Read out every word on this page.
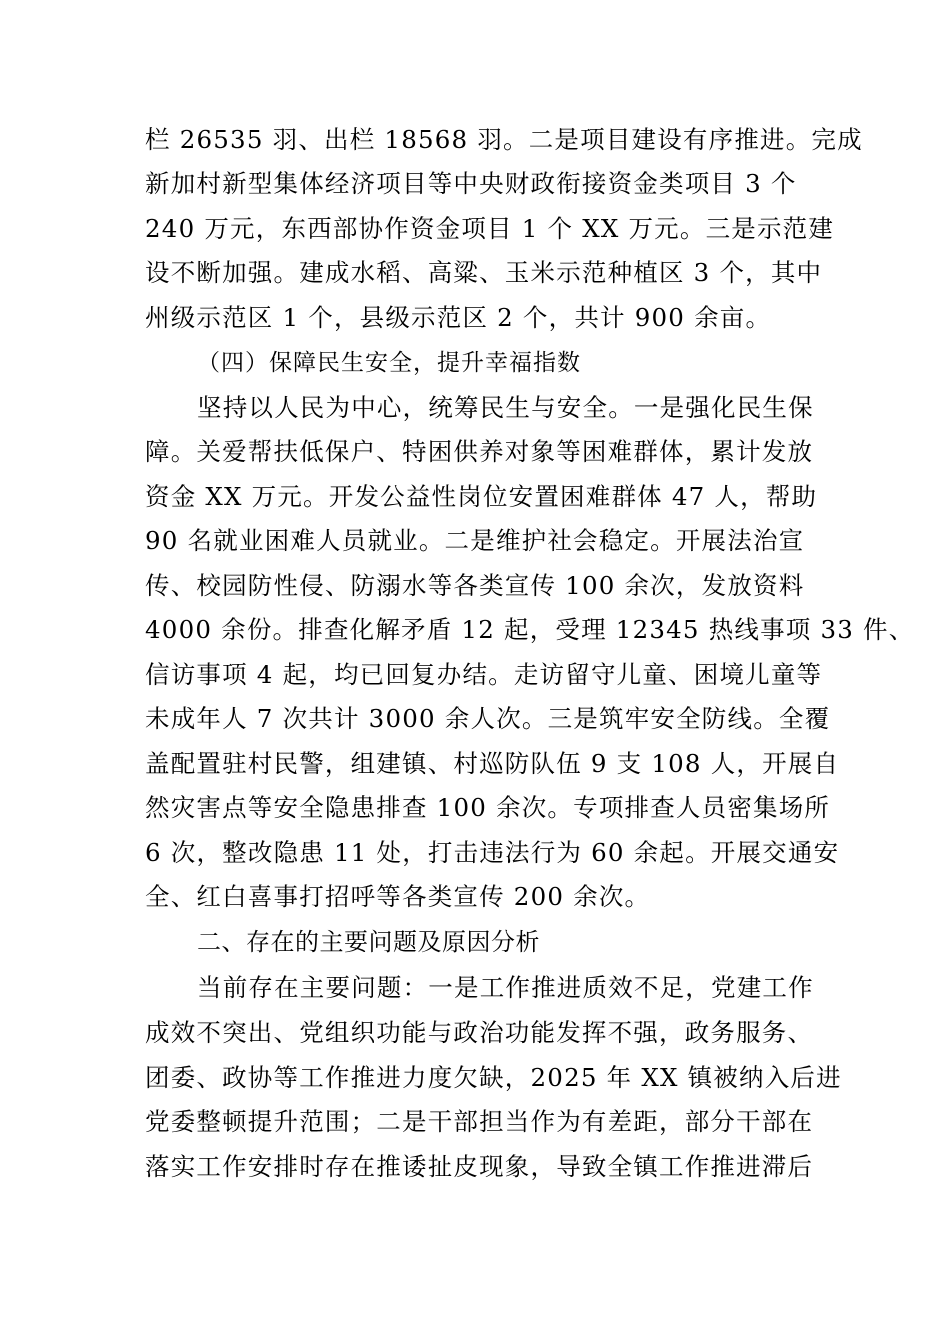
栏 26535 羽、出栏 18568 羽。二是项目建设有序推进。完成
新加村新型集体经济项目等中央财政衔接资金类项目 3 个
240 万元，东西部协作资金项目 1 个 XX 万元。三是示范建
设不断加强。建成水稻、高粱、玉米示范种植区 3 个，其中
州级示范区 1 个，县级示范区 2 个，共计 900 余亩。
（四）保障民生安全，提升幸福指数
坚持以人民为中心，统筹民生与安全。一是强化民生保
障。关爱帮扶低保户、特困供养对象等困难群体，累计发放
资金 XX 万元。开发公益性岗位安置困难群体 47 人，帮助
90 名就业困难人员就业。二是维护社会稳定。开展法治宣
传、校园防性侵、防溺水等各类宣传 100 余次，发放资料
4000 余份。排查化解矛盾 12 起，受理 12345 热线事项 33 件、
信访事项 4 起，均已回复办结。走访留守儿童、困境儿童等
未成年人 7 次共计 3000 余人次。三是筑牢安全防线。全覆
盖配置驻村民警，组建镇、村巡防队伍 9 支 108 人，开展自
然灾害点等安全隐患排查 100 余次。专项排查人员密集场所
6 次，整改隐患 11 处，打击违法行为 60 余起。开展交通安
全、红白喜事打招呼等各类宣传 200 余次。
二、存在的主要问题及原因分析
当前存在主要问题：一是工作推进质效不足，党建工作
成效不突出、党组织功能与政治功能发挥不强，政务服务、
团委、政协等工作推进力度欠缺，2025 年 XX 镇被纳入后进
党委整顿提升范围；二是干部担当作为有差距，部分干部在
落实工作安排时存在推诿扯皮现象，导致全镇工作推进滞后
